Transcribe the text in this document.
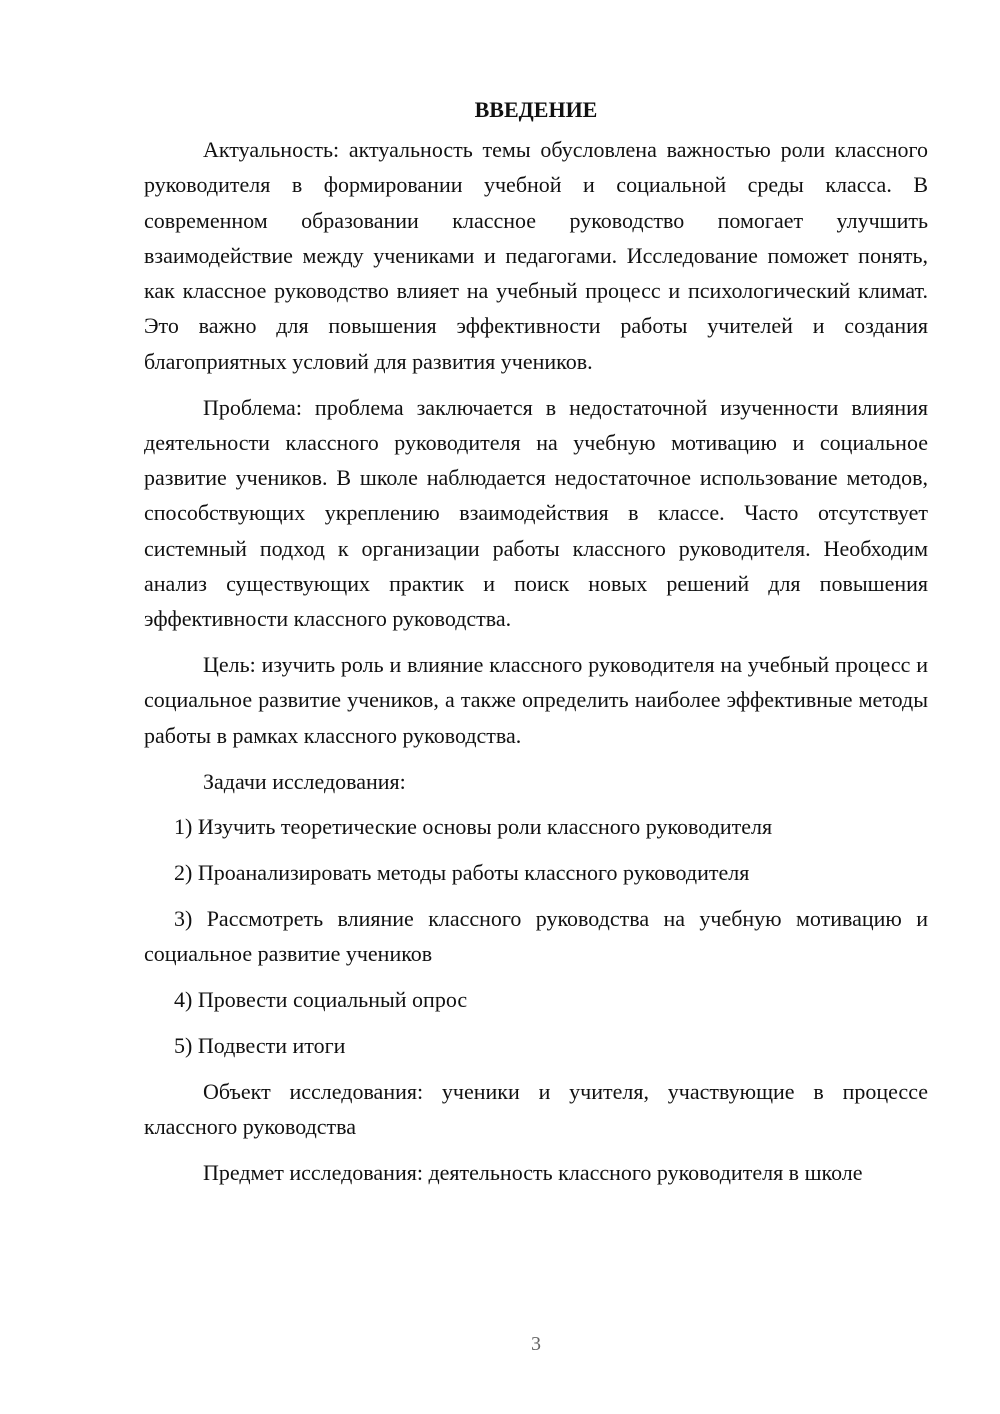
ВВЕДЕНИЕ

Актуальность: актуальность темы обусловлена важностью роли классного руководителя в формировании учебной и социальной среды класса. В современном образовании классное руководство помогает улучшить взаимодействие между учениками и педагогами. Исследование поможет понять, как классное руководство влияет на учебный процесс и психологический климат. Это важно для повышения эффективности работы учителей и создания благоприятных условий для развития учеников.

Проблема: проблема заключается в недостаточной изученности влияния деятельности классного руководителя на учебную мотивацию и социальное развитие учеников. В школе наблюдается недостаточное использование методов, способствующих укреплению взаимодействия в классе. Часто отсутствует системный подход к организации работы классного руководителя. Необходим анализ существующих практик и поиск новых решений для повышения эффективности классного руководства.

Цель: изучить роль и влияние классного руководителя на учебный процесс и социальное развитие учеников, а также определить наиболее эффективные методы работы в рамках классного руководства.

Задачи исследования:

1) Изучить теоретические основы роли классного руководителя

2) Проанализировать методы работы классного руководителя

3) Рассмотреть влияние классного руководства на учебную мотивацию и социальное развитие учеников

4) Провести социальный опрос

5) Подвести итоги

Объект исследования: ученики и учителя, участвующие в процессе классного руководства

Предмет исследования: деятельность классного руководителя в школе

3
